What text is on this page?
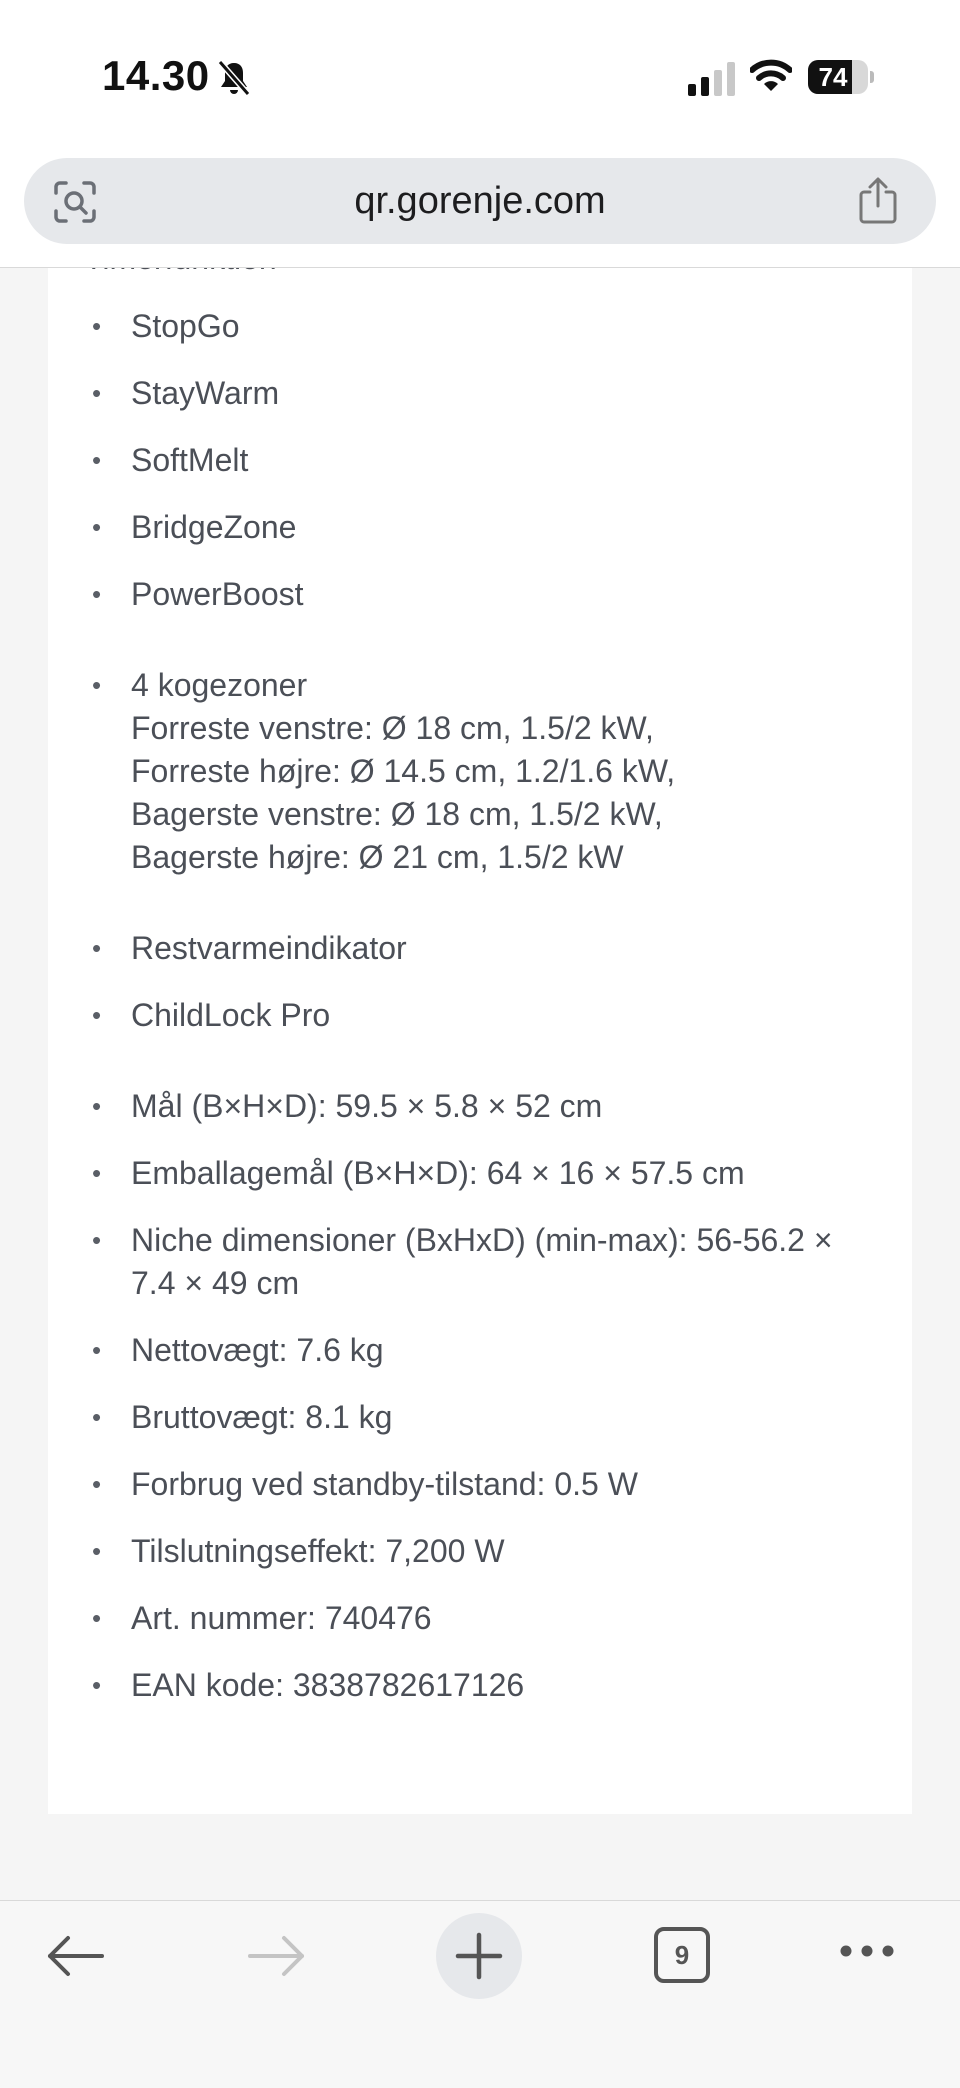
14.30	74
qr.gorenje.com
• StopGo
• StayWarm
• SoftMelt
• BridgeZone
• PowerBoost
• 4 kogezoner
Forreste venstre: Ø 18 cm, 1.5/2 kW,
Forreste højre: Ø 14.5 cm, 1.2/1.6 kW,
Bagerste venstre: Ø 18 cm, 1.5/2 kW,
Bagerste højre: Ø 21 cm, 1.5/2 kW
• Restvarmeindikator
• ChildLock Pro
• Mål (B×H×D): 59.5 × 5.8 × 52 cm
• Emballagemål (B×H×D): 64 × 16 × 57.5 cm
• Niche dimensioner (BxHxD) (min-max): 56-56.2 ×
7.4 × 49 cm
• Nettovægt: 7.6 kg
• Bruttovægt: 8.1 kg
• Forbrug ved standby-tilstand: 0.5 W
• Tilslutningseffekt: 7,200 W
• Art. nummer: 740476
• EAN kode: 3838782617126
9
